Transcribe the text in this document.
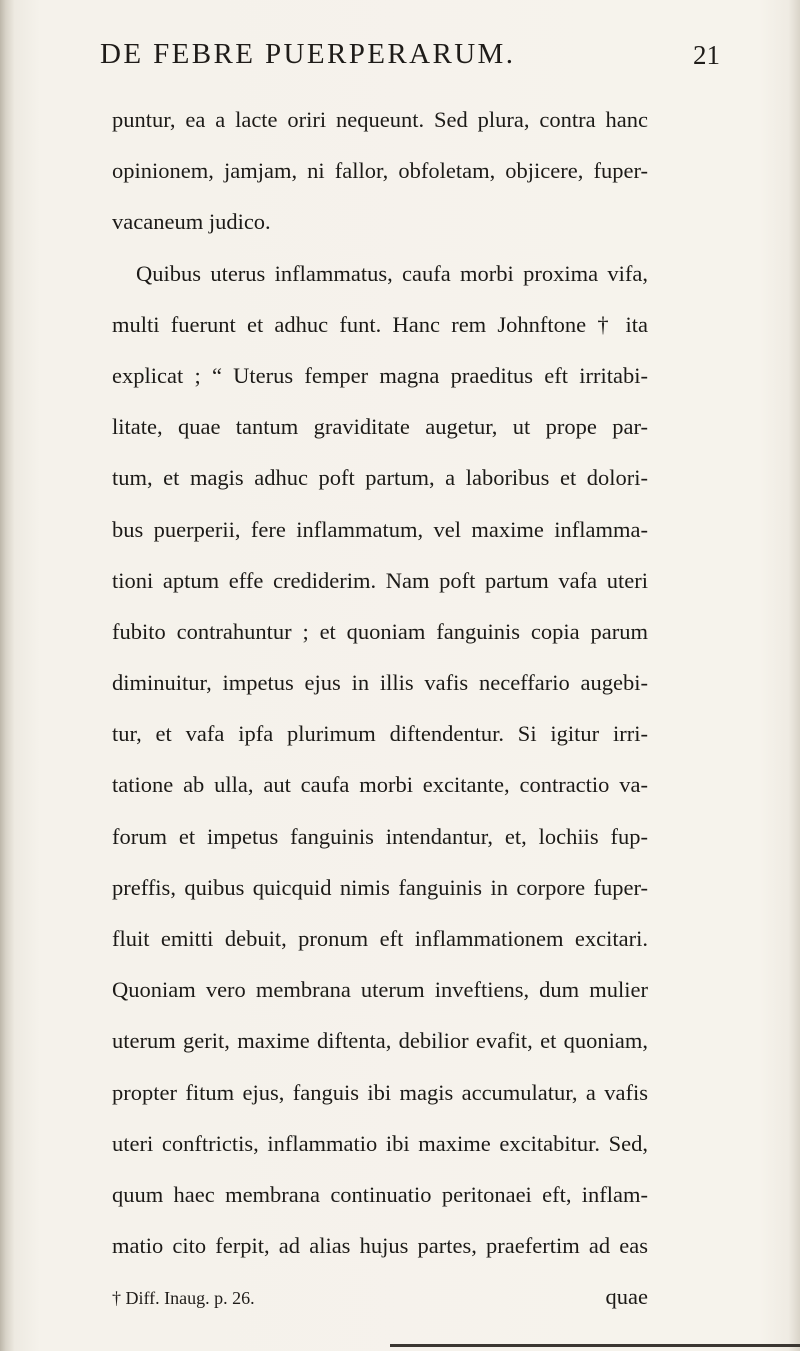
DE FEBRE PUERPERARUM.	21
puntur, ea a lacte oriri nequeunt. Sed plura, contra hanc
opinionem, jamjam, ni fallor, obfoletam, objicere, fuper-
vacaneum judico.
Quibus uterus inflammatus, caufa morbi proxima vifa,
multi fuerunt et adhuc funt. Hanc rem Johnftone † ita
explicat ; “ Uterus femper magna praeditus eft irritabi-
litate, quae tantum graviditate augetur, ut prope par-
tum, et magis adhuc poft partum, a laboribus et dolori-
bus puerperii, fere inflammatum, vel maxime inflamma-
tioni aptum effe crediderim. Nam poft partum vafa uteri
fubito contrahuntur ; et quoniam fanguinis copia parum
diminuitur, impetus ejus in illis vafis neceffario augebi-
tur, et vafa ipfa plurimum diftendentur. Si igitur irri-
tatione ab ulla, aut caufa morbi excitante, contractio va-
forum et impetus fanguinis intendantur, et, lochiis fup-
preffis, quibus quicquid nimis fanguinis in corpore fuper-
fluit emitti debuit, pronum eft inflammationem excitari.
Quoniam vero membrana uterum inveftiens, dum mulier
uterum gerit, maxime diftenta, debilior evafit, et quoniam,
propter fitum ejus, fanguis ibi magis accumulatur, a vafis
uteri conftrictis, inflammatio ibi maxime excitabitur. Sed,
quum haec membrana continuatio peritonaei eft, inflam-
matio cito ferpit, ad alias hujus partes, praefertim ad eas
quae
† Diff. Inaug. p. 26.
